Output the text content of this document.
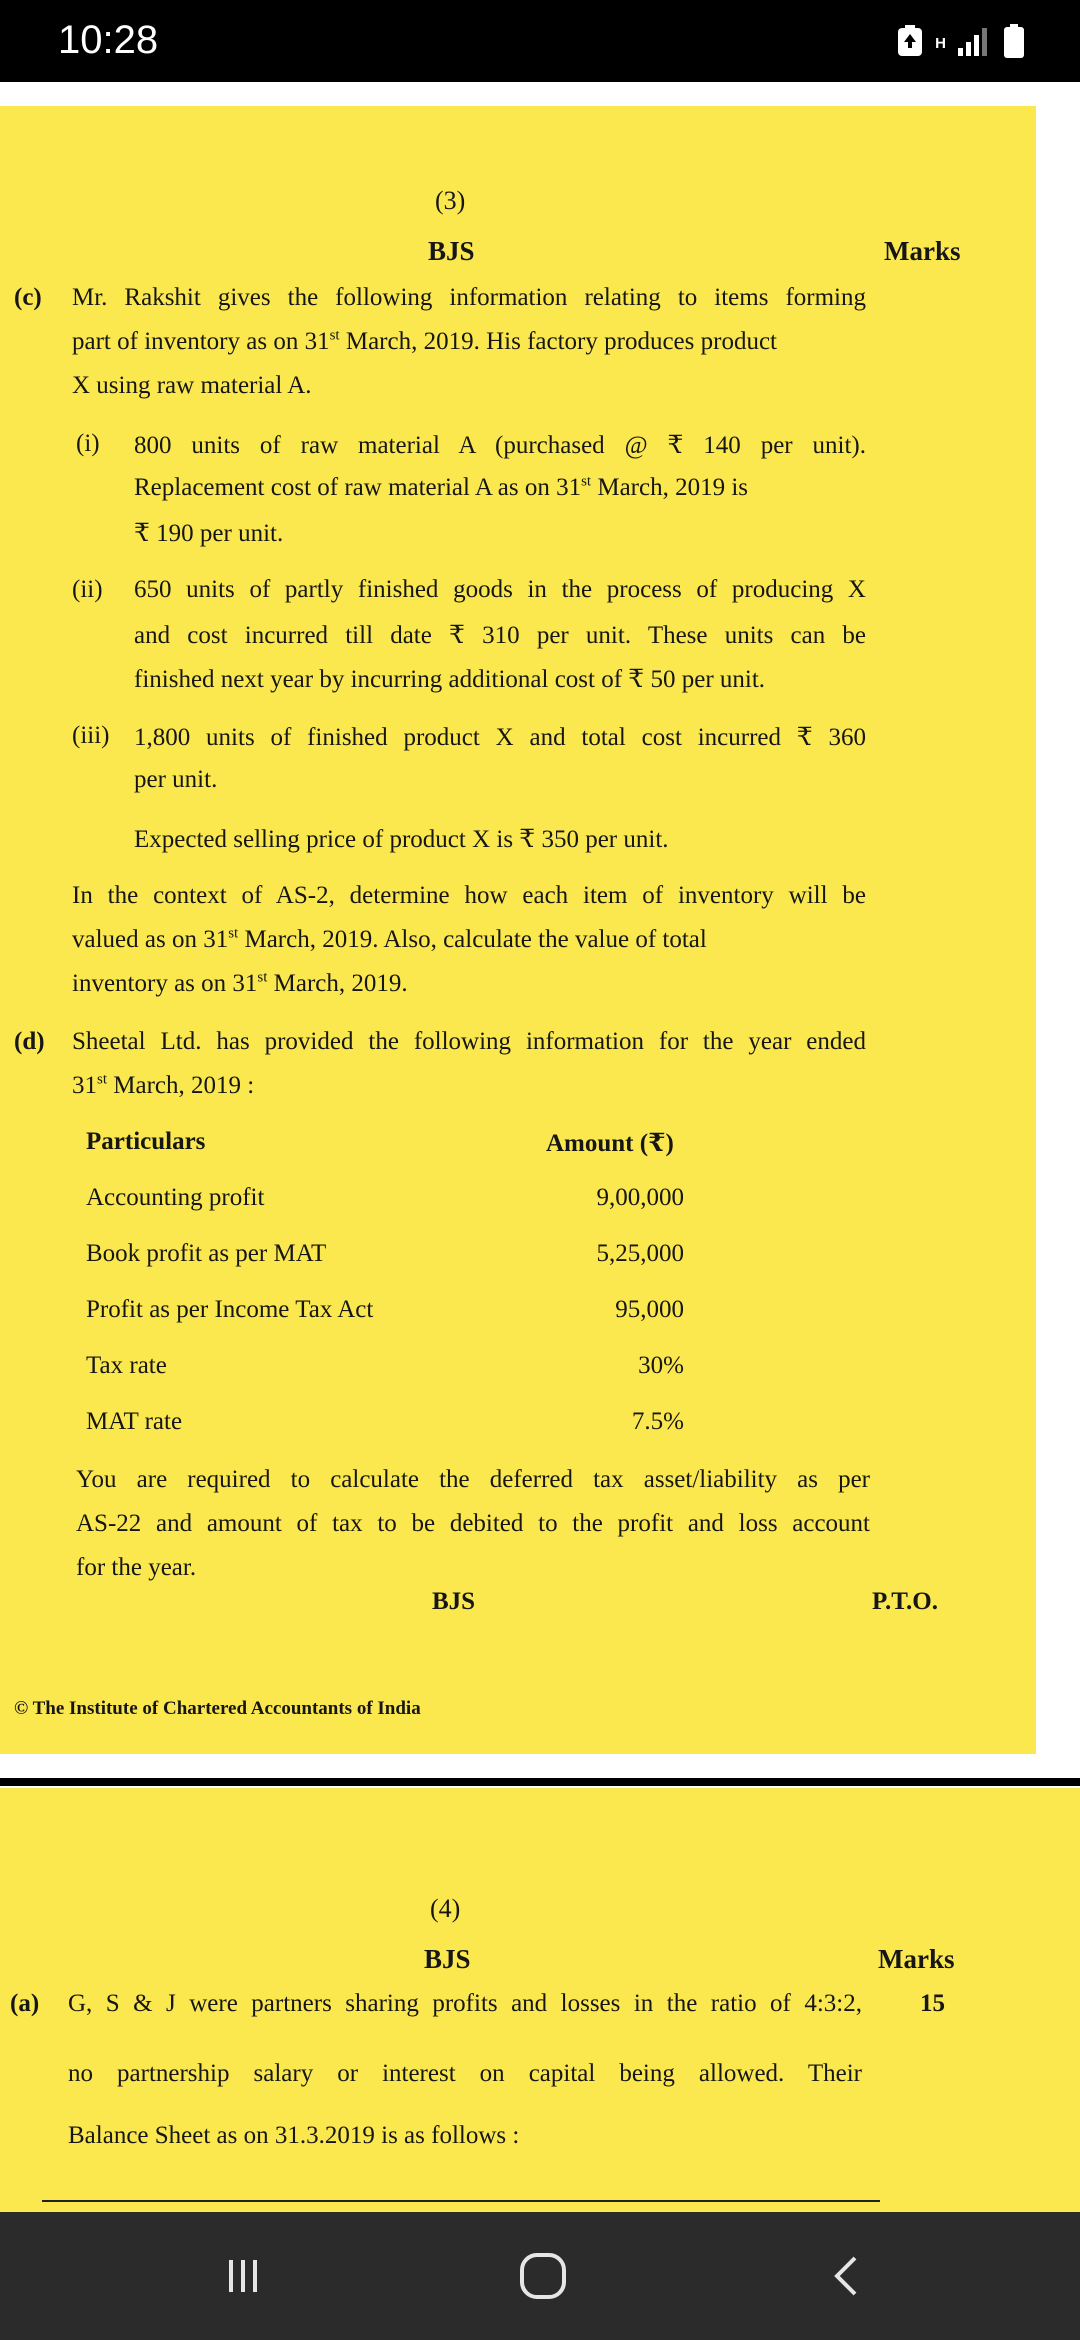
10:28	H
(3)
BJS	Marks
(c) Mr. Rakshit gives the following information relating to items forming
part of inventory as on 31st March, 2019. His factory produces product
X using raw material A.
(i) 800 units of raw material A (purchased @ ₹ 140 per unit).
Replacement cost of raw material A as on 31st March, 2019 is
₹ 190 per unit.
(ii) 650 units of partly finished goods in the process of producing X
and cost incurred till date ₹ 310 per unit. These units can be
finished next year by incurring additional cost of ₹ 50 per unit.
(iii) 1,800 units of finished product X and total cost incurred ₹ 360
per unit.
Expected selling price of product X is ₹ 350 per unit.
In the context of AS-2, determine how each item of inventory will be
valued as on 31st March, 2019. Also, calculate the value of total
inventory as on 31st March, 2019.
(d) Sheetal Ltd. has provided the following information for the year ended
31st March, 2019 :
Particulars	Amount (₹)
Accounting profit	9,00,000
Book profit as per MAT	5,25,000
Profit as per Income Tax Act	95,000
Tax rate	30%
MAT rate	7.5%
You are required to calculate the deferred tax asset/liability as per
AS-22 and amount of tax to be debited to the profit and loss account
for the year.
BJS	P.T.O.
© The Institute of Chartered Accountants of India
(4)
BJS	Marks
(a) G, S & J were partners sharing profits and losses in the ratio of 4:3:2, 15
no partnership salary or interest on capital being allowed. Their
Balance Sheet as on 31.3.2019 is as follows :
